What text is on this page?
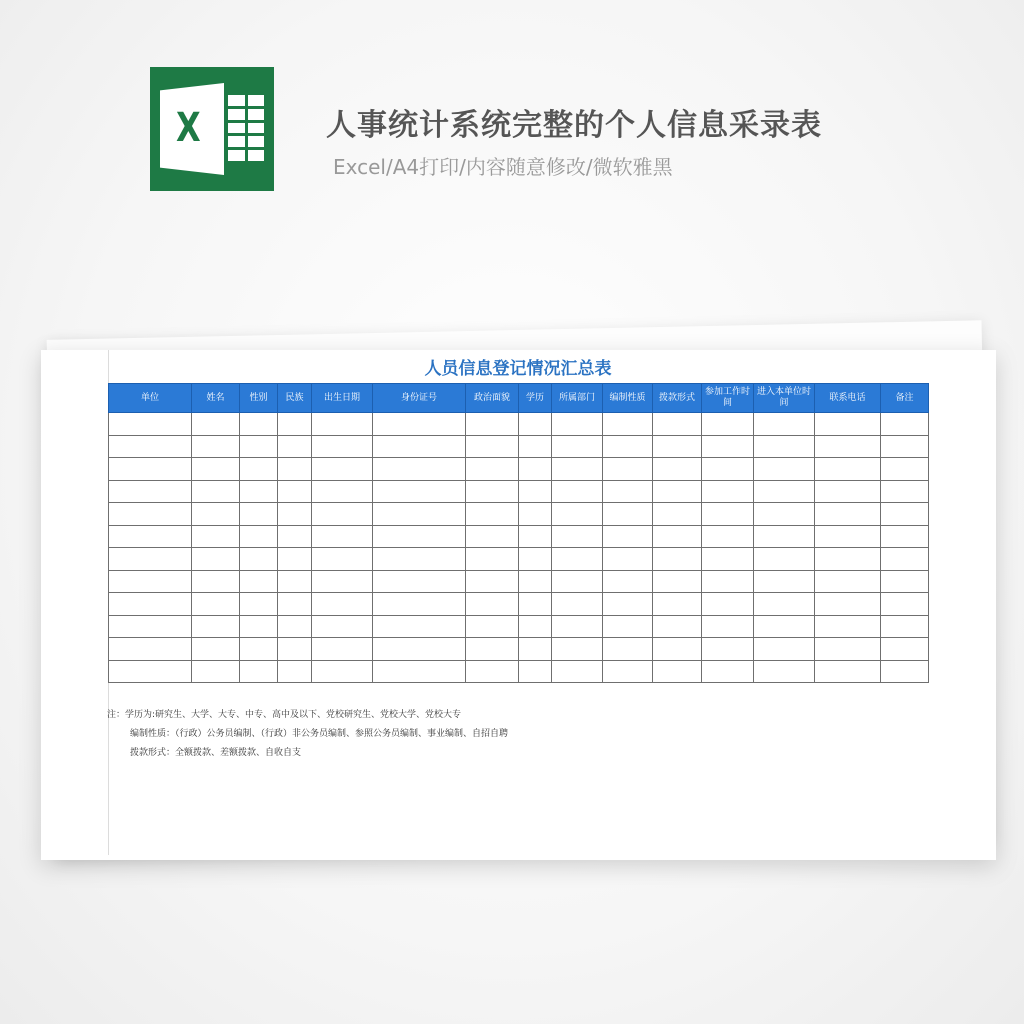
X	人事统计系统完整的个人信息采录表
Excel/A4打印/内容随意修改/微软雅黑
人员信息登记情况汇总表
单位	姓名	性别	民族	出生日期	身份证号	政治面貌	学历	所属部门	编制性质	拨款形式	参加工作时间	进入本单位时间	联系电话	备注

注：学历为:研究生、大学、大专、中专、高中及以下、党校研究生、党校大学、党校大专
编制性质：（行政）公务员编制、（行政）非公务员编制、参照公务员编制、事业编制、自招自聘
拨款形式：全额拨款、差额拨款、自收自支
